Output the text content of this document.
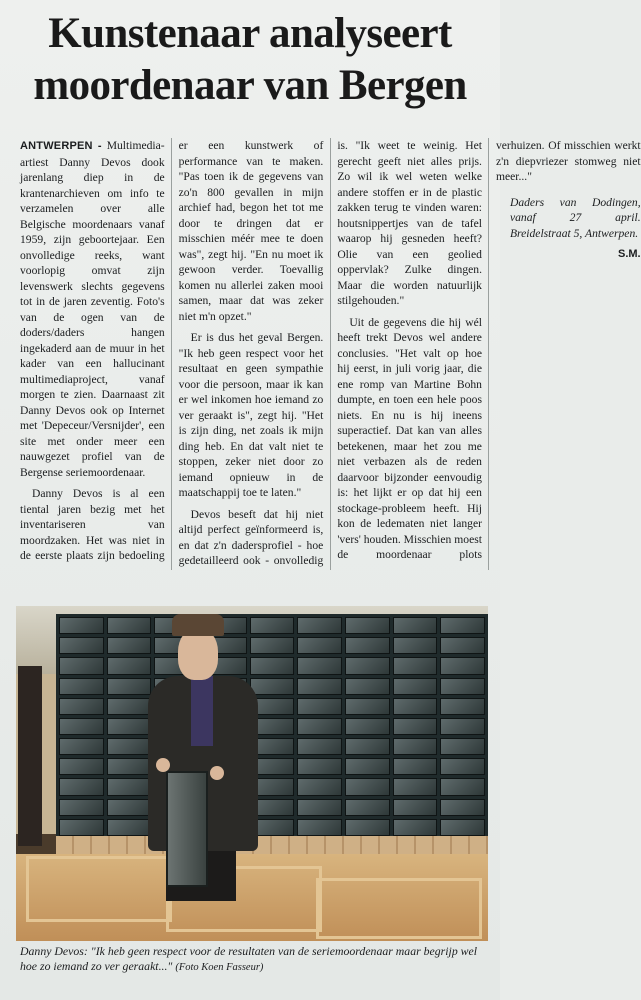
Kunstenaar analyseert
moordenaar van Bergen

ANTWERPEN - Multimedia-artiest Danny Devos dook jarenlang diep in de krantenarchieven om info te verzamelen over alle Belgische moordenaars vanaf 1959, zijn geboortejaar. Een onvolledige reeks, want voorlopig omvat zijn levenswerk slechts gegevens tot in de jaren zeventig. Foto's van de ogen van de doders/daders hangen ingekaderd aan de muur in het kader van een hallucinant multimediaproject, vanaf morgen te zien. Daarnaast zit Danny Devos ook op Internet met 'Depeceur/Versnijder', een site met onder meer een nauwgezet profiel van de Bergense seriemoordenaar.

Danny Devos is al een tiental jaren bezig met het inventariseren van moordzaken. Het was niet in de eerste plaats zijn bedoeling er een kunstwerk of performance van te maken. "Pas toen ik de gegevens van zo'n 800 gevallen in mijn archief had, begon het tot me door te dringen dat er misschien méér mee te doen was", zegt hij. "En nu moet ik gewoon verder. Toevallig komen nu allerlei zaken mooi samen, maar dat was zeker niet m'n opzet."

Er is dus het geval Bergen. "Ik heb geen respect voor het resultaat en geen sympathie voor die persoon, maar ik kan er wel inkomen hoe iemand zo ver geraakt is", zegt hij. "Het is zijn ding, net zoals ik mijn ding heb. En dat valt niet te stoppen, zeker niet door zo iemand opnieuw in de maatschappij toe te laten."

Devos beseft dat hij niet altijd perfect geïnformeerd is, en dat z'n dadersprofiel - hoe gedetailleerd ook - onvolledig is. "Ik weet te weinig. Het gerecht geeft niet alles prijs. Zo wil ik wel weten welke andere stoffen er in de plastic zakken terug te vinden waren: houtsnippertjes van de tafel waarop hij gesneden heeft? Olie van een geolied oppervlak? Zulke dingen. Maar die worden natuurlijk stilgehouden."

Uit de gegevens die hij wél heeft trekt Devos wel andere conclusies. "Het valt op hoe hij eerst, in juli vorig jaar, die ene romp van Martine Bohn dumpte, en toen een hele poos niets. En nu is hij ineens superactief. Dat kan van alles betekenen, maar het zou me niet verbazen als de reden daarvoor bijzonder eenvoudig is: het lijkt er op dat hij een stockage-probleem heeft. Hij kon de ledematen niet langer 'vers' houden. Misschien moest de moordenaar plots verhuizen. Of misschien werkt z'n diepvriezer stomweg niet meer..."

Daders van Dodingen, vanaf 27 april. Breidelstraat 5, Antwerpen.

S.M.

Danny Devos: "Ik heb geen respect voor de resultaten van de seriemoordenaar maar begrijp wel hoe zo iemand zo ver geraakt..." (Foto Koen Fasseur)
